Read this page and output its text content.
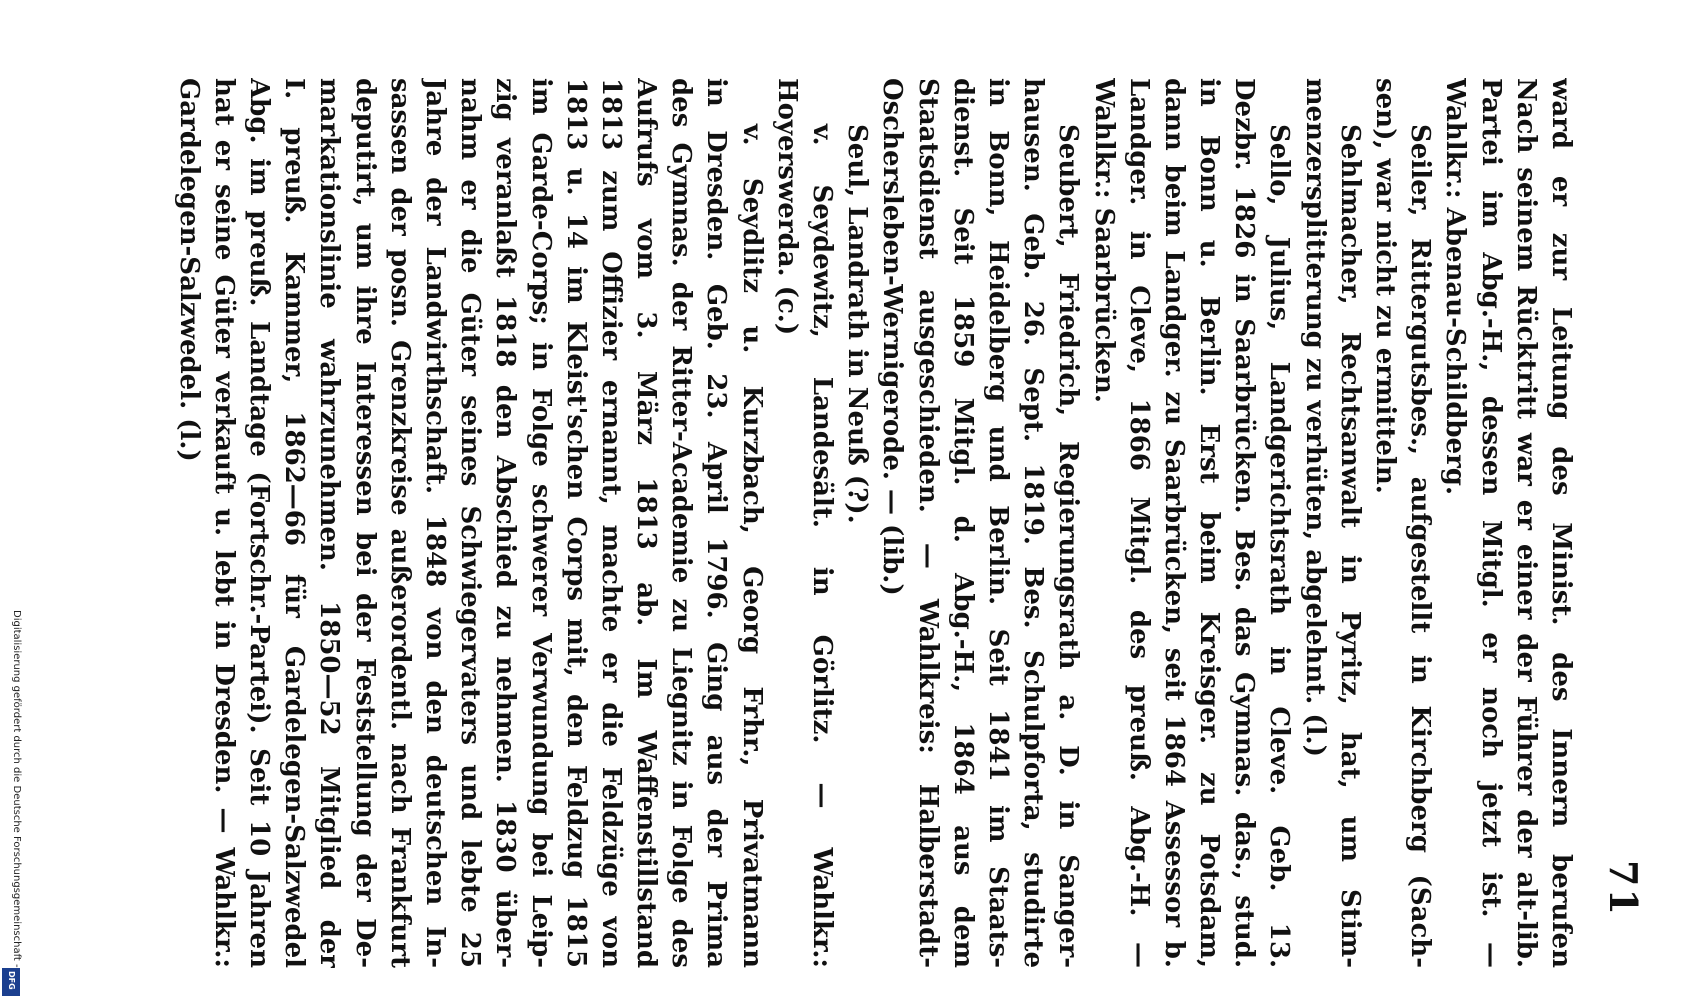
71
ward er zur Leitung des Minist. des Innern berufen
Nach seinem Rücktritt war er einer der Führer der alt-lib.
Partei im Abg.-H., dessen Mitgl. er noch jetzt ist. —
Wahlkr.: Abenau-Schildberg.
Seiler, Rittergutsbes., aufgestellt in Kirchberg (Sach-
sen), war nicht zu ermitteln.
Sehlmacher, Rechtsanwalt in Pyritz, hat, um Stim-
menzersplitterung zu verhüten, abgelehnt. (l.)
Sello, Julius, Landgerichtsrath in Cleve. Geb. 13.
Dezbr. 1826 in Saarbrücken. Bes. das Gymnas. das., stud.
in Bonn u. Berlin. Erst beim Kreisger. zu Potsdam,
dann beim Landger. zu Saarbrücken, seit 1864 Assessor b.
Landger. in Cleve, 1866 Mitgl. des preuß. Abg.-H. —
Wahlkr.: Saarbrücken.
Seubert, Friedrich, Regierungsrath a. D. in Sanger-
hausen. Geb. 26. Sept. 1819. Bes. Schulpforta, studirte
in Bonn, Heidelberg und Berlin. Seit 1841 im Staats-
dienst. Seit 1859 Mitgl. d. Abg.-H., 1864 aus dem
Staatsdienst ausgeschieden. — Wahlkreis: Halberstadt-
Oschersleben-Wernigerode. — (lib.)
Seul, Landrath in Neuß (?).
v. Seydewitz, Landesält. in Görlitz. — Wahlkr.:
Hoyerswerda. (c.)
v. Seydlitz u. Kurzbach, Georg Frhr., Privatmann
in Dresden. Geb. 23. April 1796. Ging aus der Prima
des Gymnas. der Ritter-Academie zu Liegnitz in Folge des
Aufrufs vom 3. März 1813 ab. Im Waffenstillstand
1813 zum Offizier ernannt, machte er die Feldzüge von
1813 u. 14 im Kleist'schen Corps mit, den Feldzug 1815
im Garde-Corps; in Folge schwerer Verwundung bei Leip-
zig veranlaßt 1818 den Abschied zu nehmen. 1830 über-
nahm er die Güter seines Schwiegervaters und lebte 25
Jahre der Landwirthschaft. 1848 von den deutschen In-
sassen der posn. Grenzkreise außerordentl. nach Frankfurt
deputirt, um ihre Interessen bei der Feststellung der De-
markationslinie wahrzunehmen. 1850—52 Mitglied der
I. preuß. Kammer, 1862—66 für Gardelegen-Salzwedel
Abg. im preuß. Landtage (Fortschr.-Partei). Seit 10 Jahren
hat er seine Güter verkauft u. lebt in Dresden. — Wahlkr.:
Gardelegen-Salzwedel. (l.)
Digitalisierung gefördert durch die Deutsche Forschungsgemeinschaft -
DFG
